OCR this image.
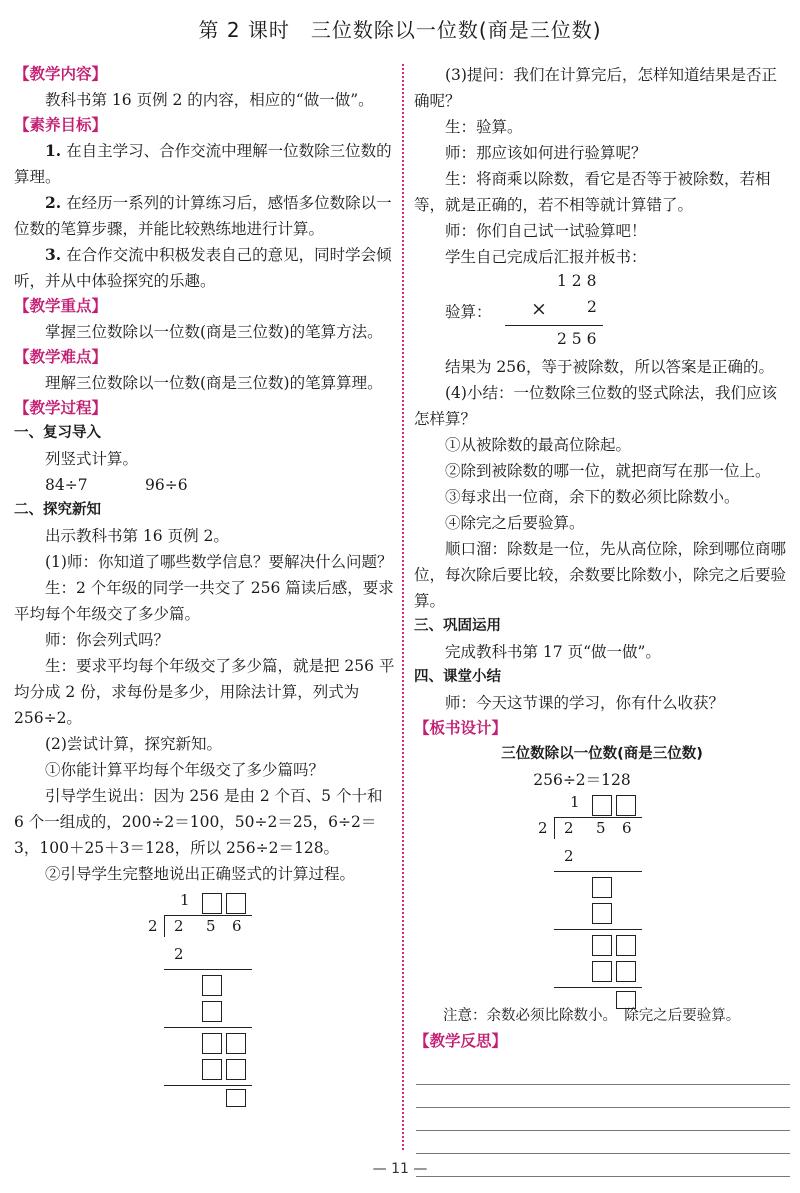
第 2 课时　三位数除以一位数(商是三位数)
【教学内容】

教科书第 16 页例 2 的内容，相应的“做一做”。

【素养目标】

1. 在自主学习、合作交流中理解一位数除三位数的算理。

2. 在经历一系列的计算练习后，感悟多位数除以一位数的笔算步骤，并能比较熟练地进行计算。

3. 在合作交流中积极发表自己的意见，同时学会倾听，并从中体验探究的乐趣。

【教学重点】

掌握三位数除以一位数(商是三位数)的笔算方法。

【教学难点】

理解三位数除以一位数(商是三位数)的笔算算理。

【教学过程】
一、复习导入

列竖式计算。

84÷7	96÷6
二、探究新知

出示教科书第 16 页例 2。

(1)师：你知道了哪些数学信息？要解决什么问题？

生：2 个年级的同学一共交了 256 篇读后感，要求平均每个年级交了多少篇。

师：你会列式吗？

生：要求平均每个年级交了多少篇，就是把 256 平均分成 2 份，求每份是多少，用除法计算，列式为 256÷2。

(2)尝试计算，探究新知。

①你能计算平均每个年级交了多少篇吗？

引导学生说出：因为 256 是由 2 个百、5 个十和 6 个一组成的，200÷2＝100，50÷2＝25，6÷2＝3，100＋25＋3＝128，所以 256÷2＝128。

②引导学生完整地说出正确竖式的计算过程。

1
2 2 5 6
2

(3)提问：我们在计算完后，怎样知道结果是否正确呢？

生：验算。

师：那应该如何进行验算呢？

生：将商乘以除数，看它是否等于被除数，若相等，就是正确的，若不相等就计算错了。

师：你们自己试一试验算吧！

学生自己完成后汇报并板书：

1 2 8
验算： ×	2
2 5 6

结果为 256，等于被除数，所以答案是正确的。

(4)小结：一位数除三位数的竖式除法，我们应该怎样算？

①从被除数的最高位除起。

②除到被除数的哪一位，就把商写在那一位上。

③每求出一位商，余下的数必须比除数小。

④除完之后要验算。

顺口溜：除数是一位，先从高位除，除到哪位商哪位，每次除后要比较，余数要比除数小，除完之后要验算。

三、巩固运用

完成教科书第 17 页“做一做”。

四、课堂小结

师：今天这节课的学习，你有什么收获？

【板书设计】
三位数除以一位数(商是三位数)

256÷2＝128

1
2 2 5 6
2

注意：余数必须比除数小。　除完之后要验算。

【教学反思】
— 11 —
